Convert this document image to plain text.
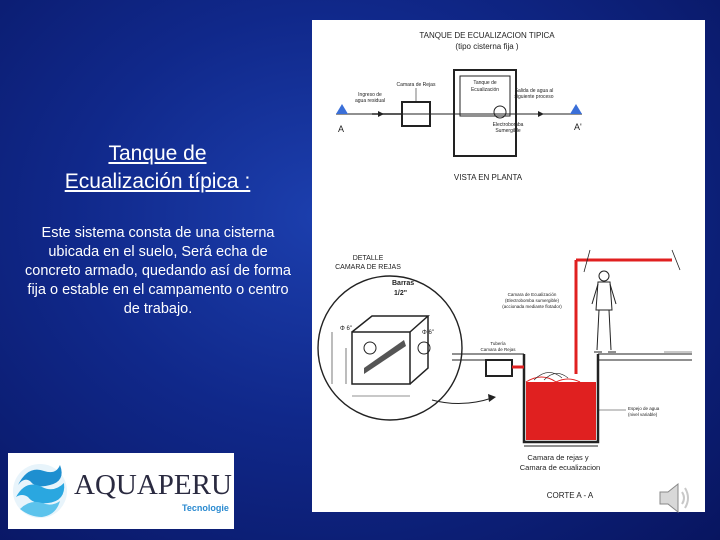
Tanque de
Ecualización típica :
Este sistema consta de una cisterna ubicada en el suelo, Será echa de concreto armado, quedando así de forma fija o estable en el campamento o centro de trabajo.
AQUAPERU
Tecnologie
TANQUE DE ECUALIZACION TIPICA
(tipo cisterna fija )
Camara de Rejas	Tanque de
Ecualización
Ingreso de
agua residual
Salida de agua al
siguiente proceso
Electrobomba
Sumergible
A	A'
VISTA EN PLANTA
DETALLE
CAMARA DE REJAS
Barras
1/2"
Φ 6"
Φ 6"
Camara de Ecualización
(Electrobomba sumergible)
(accionada mediante flotador)
Tubería
Camara de Rejas
Espejo de agua
(nivel variable)
Camara de rejas y
Camara de ecualizacion
CORTE A - A
